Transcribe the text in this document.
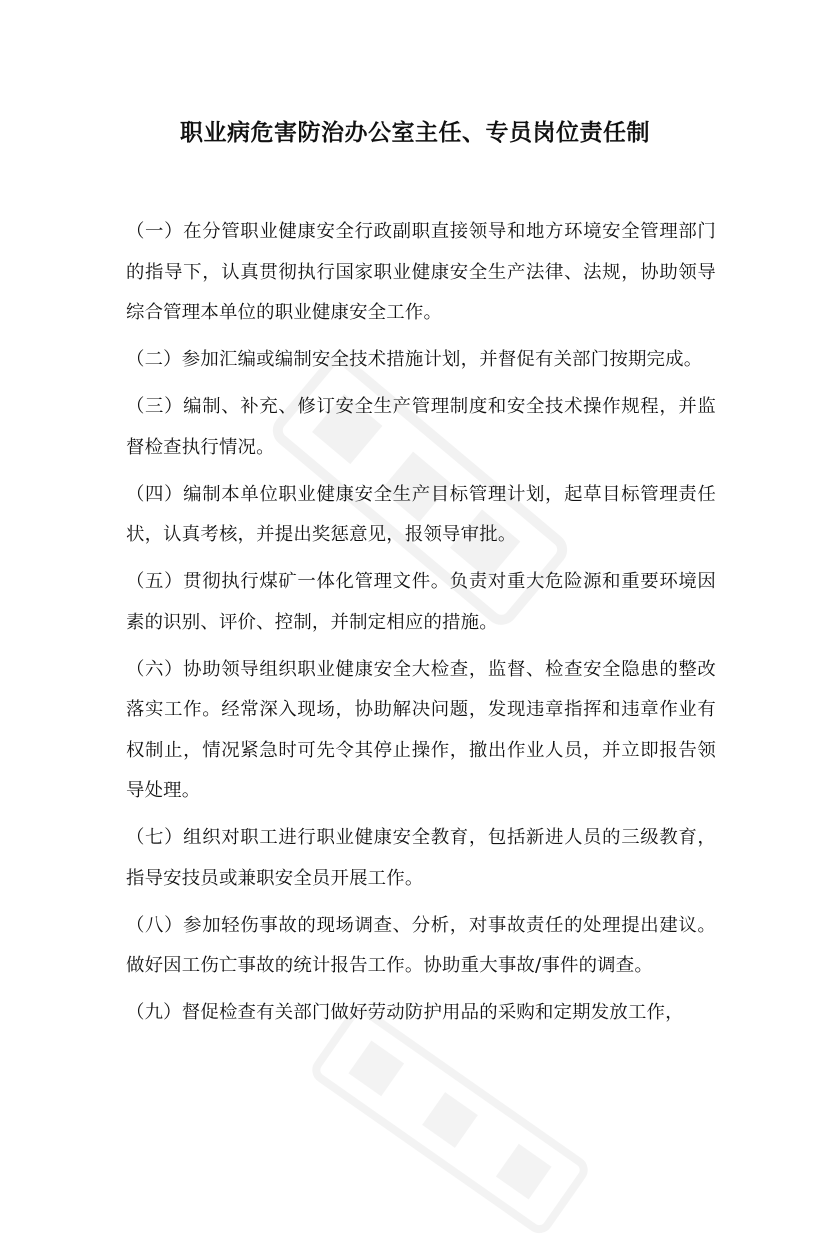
职业病危害防治办公室主任、专员岗位责任制

（一）在分管职业健康安全行政副职直接领导和地方环境安全管理部门的指导下，认真贯彻执行国家职业健康安全生产法律、法规，协助领导综合管理本单位的职业健康安全工作。

（二）参加汇编或编制安全技术措施计划，并督促有关部门按期完成。

（三）编制、补充、修订安全生产管理制度和安全技术操作规程，并监督检查执行情况。

（四）编制本单位职业健康安全生产目标管理计划，起草目标管理责任状，认真考核，并提出奖惩意见，报领导审批。

（五）贯彻执行煤矿一体化管理文件。负责对重大危险源和重要环境因素的识别、评价、控制，并制定相应的措施。

（六）协助领导组织职业健康安全大检查，监督、检查安全隐患的整改落实工作。经常深入现场，协助解决问题，发现违章指挥和违章作业有权制止，情况紧急时可先令其停止操作，撤出作业人员，并立即报告领导处理。

（七）组织对职工进行职业健康安全教育，包括新进人员的三级教育，指导安技员或兼职安全员开展工作。

（八）参加轻伤事故的现场调查、分析，对事故责任的处理提出建议。做好因工伤亡事故的统计报告工作。协助重大事故/事件的调查。

（九）督促检查有关部门做好劳动防护用品的采购和定期发放工作，
